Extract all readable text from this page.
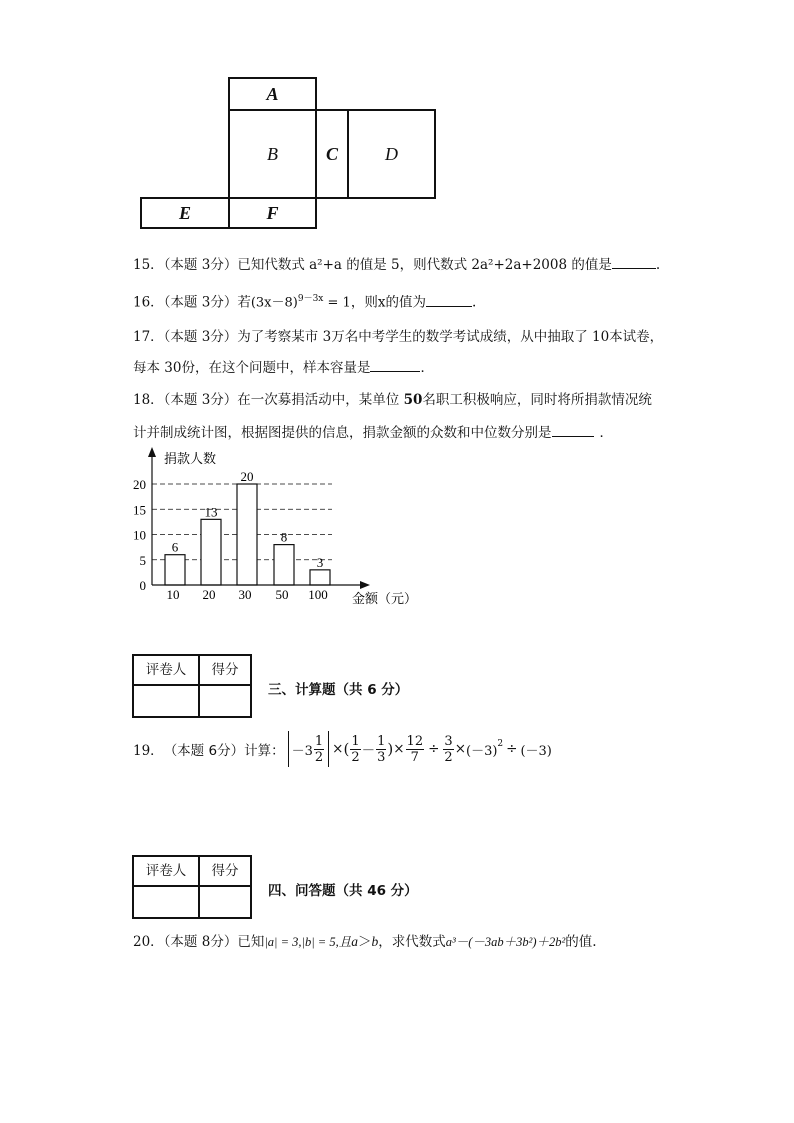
A
B	C	D
E	F
15．（本题 3分）已知代数式 a²+a 的值是 5，则代数式 2a²+2a+2008 的值是	.
16．（本题 3分）若$(3x-8)^{9-3x} = 1$，则x的值为	.
17．（本题 3分）为了考察某市 3万名中考学生的数学考试成绩，从中抽取了 10本试卷，
每本 30份，在这个问题中，样本容量是	．
18．（本题 3分）在一次募捐活动中，某单位 50名职工积极响应，同时将所捐款情况统
计并制成统计图，根据图提供的信息，捐款金额的众数和中位数分别是	．
0
5
10
15
20
6
10
13
20
20
30
8
50
3
100
捐款人数
金额（元）
评卷人	得分
三、计算题（共 6 分）
19． （本题 6分）计算： $-3 \frac{1}{2}$ × ( $\frac{1}{2} - \frac{1}{3}$ ) × $\frac{12}{7} \div \frac{3}{2} \times (-3)^2 \div (-3)$
评卷人	得分
四、问答题（共 46 分）
20．（本题 8分）已知|a| = 3,|b| = 5,且a＞b，求代数式a³－(－3ab＋3b²)＋2b²的值.
